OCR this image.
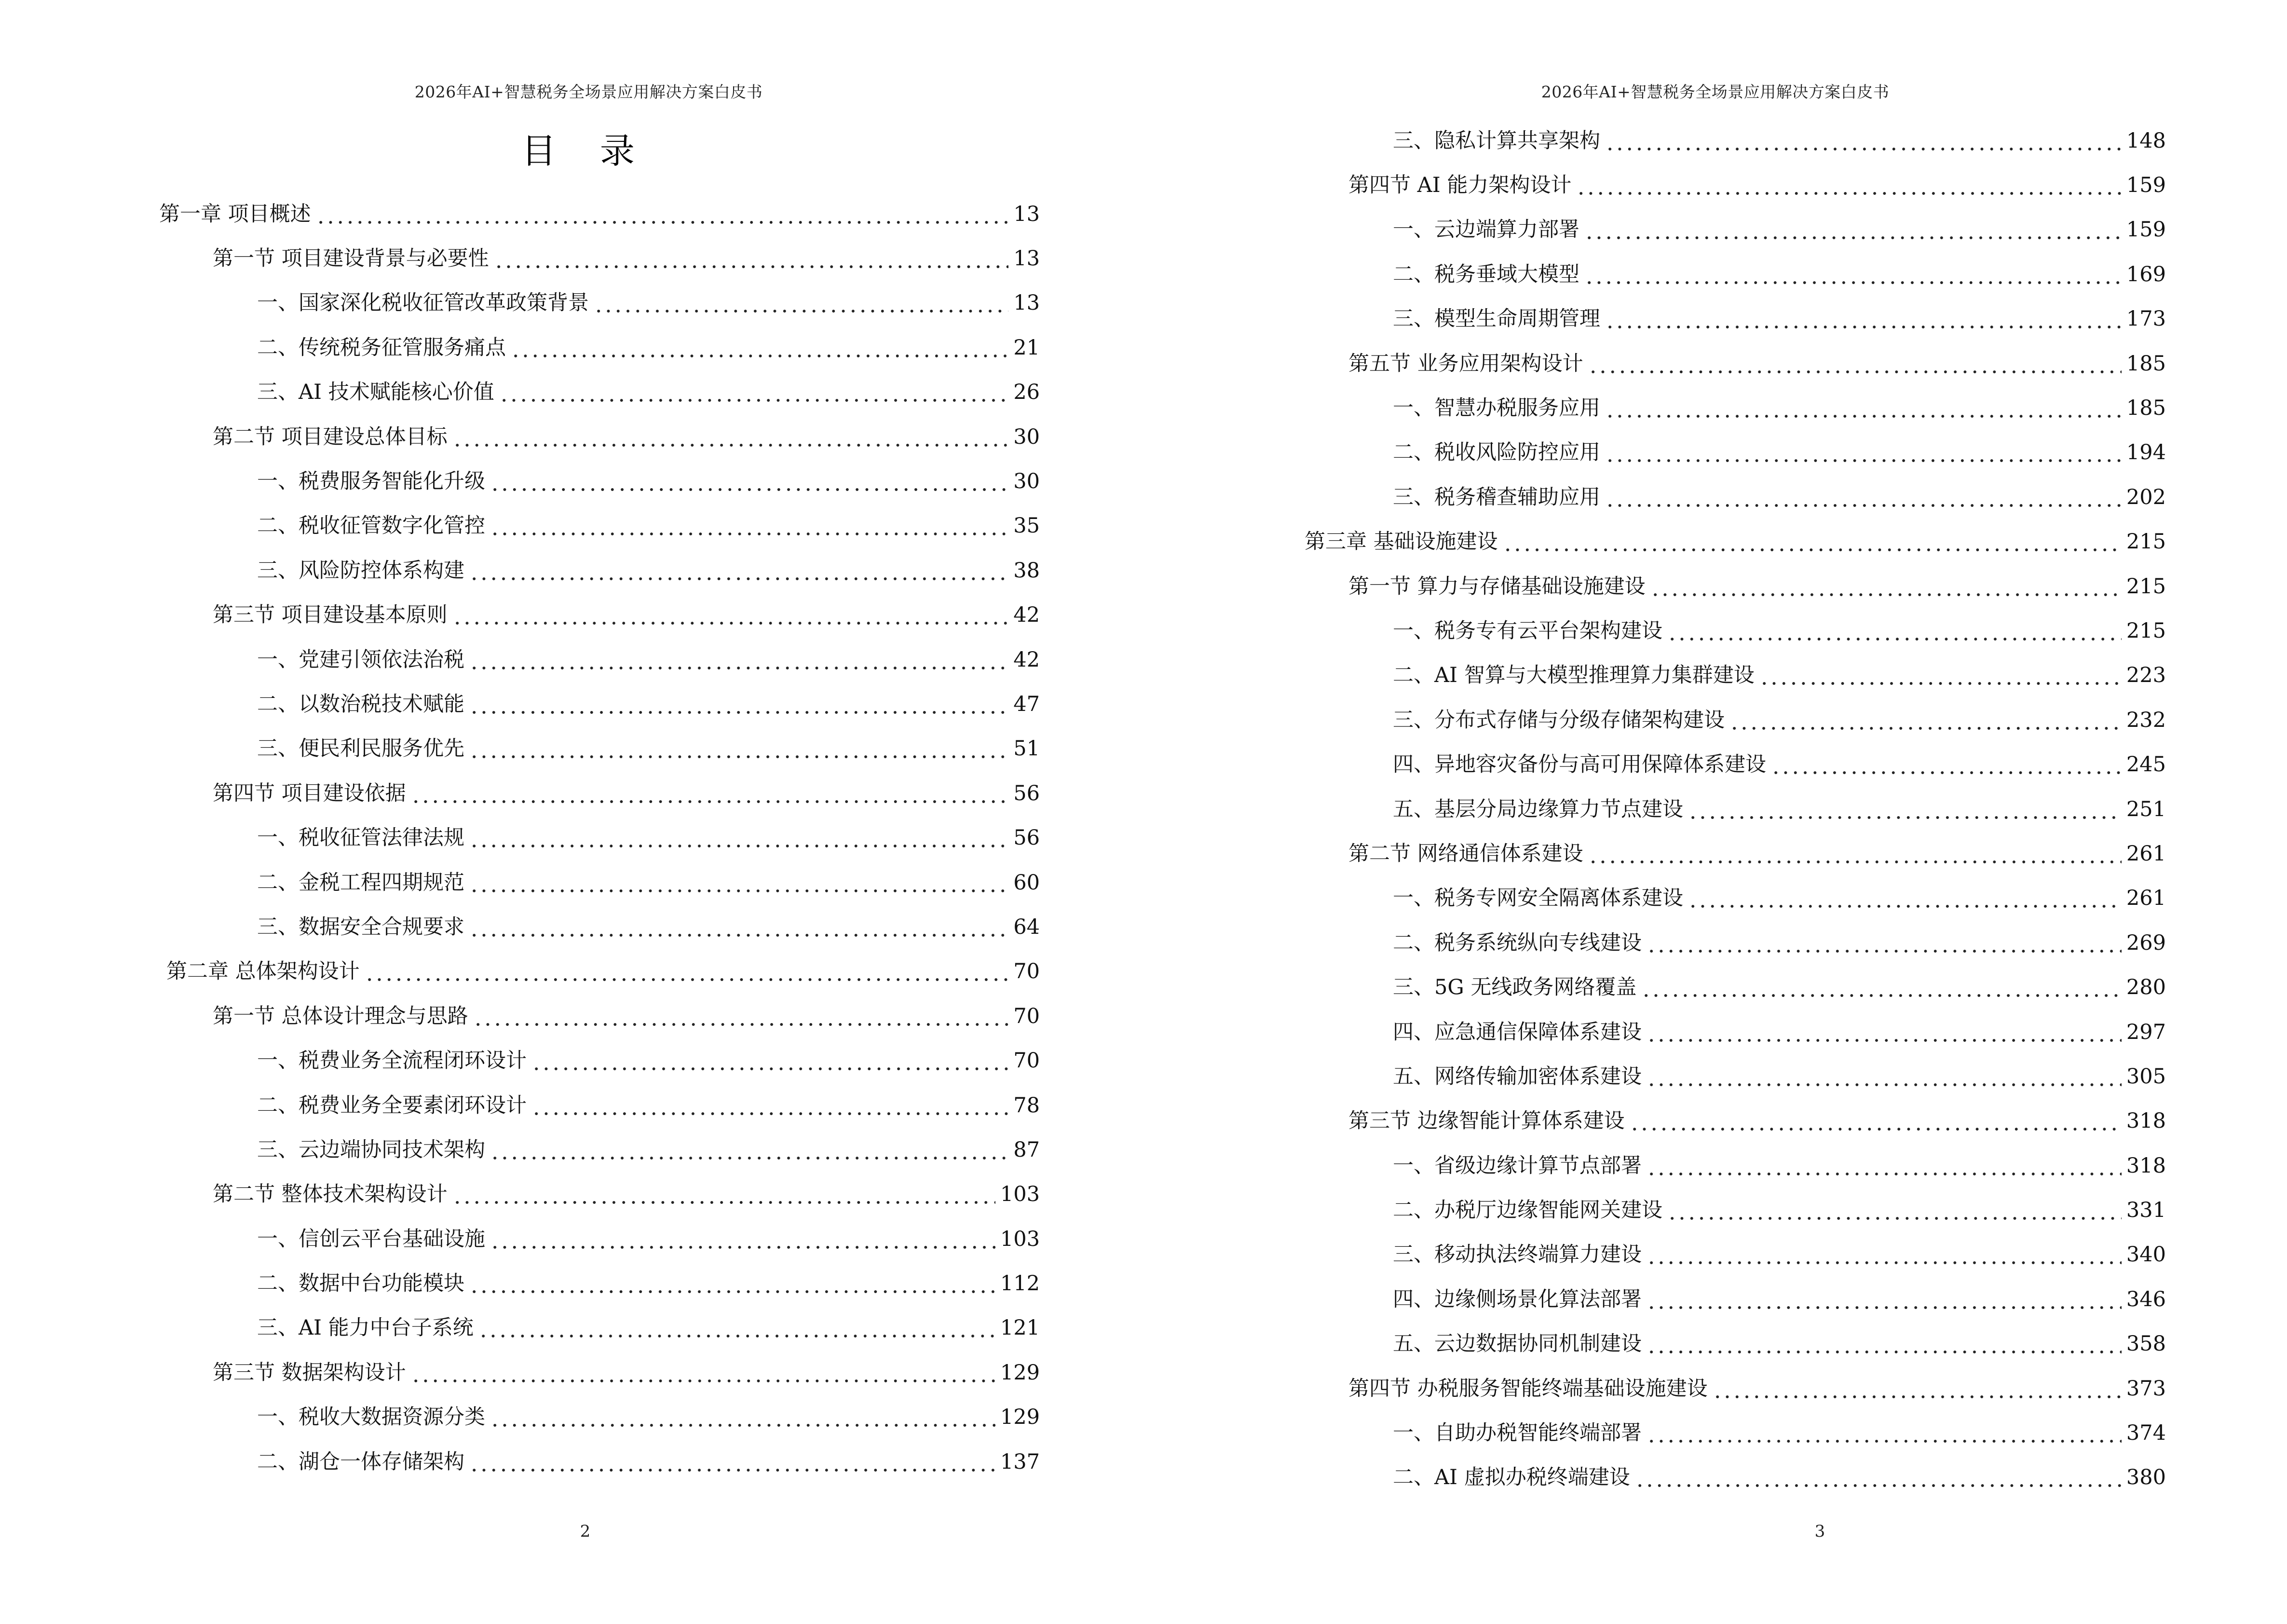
2026年AI+智慧税务全场景应用解决方案白皮书
目 录
第一章 项目概述	13
第一节 项目建设背景与必要性	13
一、国家深化税收征管改革政策背景	13
二、传统税务征管服务痛点	21
三、AI 技术赋能核心价值	26
第二节 项目建设总体目标	30
一、税费服务智能化升级	30
二、税收征管数字化管控	35
三、风险防控体系构建	38
第三节 项目建设基本原则	42
一、党建引领依法治税	42
二、以数治税技术赋能	47
三、便民利民服务优先	51
第四节 项目建设依据	56
一、税收征管法律法规	56
二、金税工程四期规范	60
三、数据安全合规要求	64
第二章 总体架构设计	70
第一节 总体设计理念与思路	70
一、税费业务全流程闭环设计	70
二、税费业务全要素闭环设计	78
三、云边端协同技术架构	87
第二节 整体技术架构设计	103
一、信创云平台基础设施	103
二、数据中台功能模块	112
三、AI 能力中台子系统	121
第三节 数据架构设计	129
一、税收大数据资源分类	129
二、湖仓一体存储架构	137
2
2026年AI+智慧税务全场景应用解决方案白皮书
三、隐私计算共享架构	148
第四节 AI 能力架构设计	159
一、云边端算力部署	159
二、税务垂域大模型	169
三、模型生命周期管理	173
第五节 业务应用架构设计	185
一、智慧办税服务应用	185
二、税收风险防控应用	194
三、税务稽查辅助应用	202
第三章 基础设施建设	215
第一节 算力与存储基础设施建设	215
一、税务专有云平台架构建设	215
二、AI 智算与大模型推理算力集群建设	223
三、分布式存储与分级存储架构建设	232
四、异地容灾备份与高可用保障体系建设	245
五、基层分局边缘算力节点建设	251
第二节 网络通信体系建设	261
一、税务专网安全隔离体系建设	261
二、税务系统纵向专线建设	269
三、5G 无线政务网络覆盖	280
四、应急通信保障体系建设	297
五、网络传输加密体系建设	305
第三节 边缘智能计算体系建设	318
一、省级边缘计算节点部署	318
二、办税厅边缘智能网关建设	331
三、移动执法终端算力建设	340
四、边缘侧场景化算法部署	346
五、云边数据协同机制建设	358
第四节 办税服务智能终端基础设施建设	373
一、自助办税智能终端部署	374
二、AI 虚拟办税终端建设	380
3
